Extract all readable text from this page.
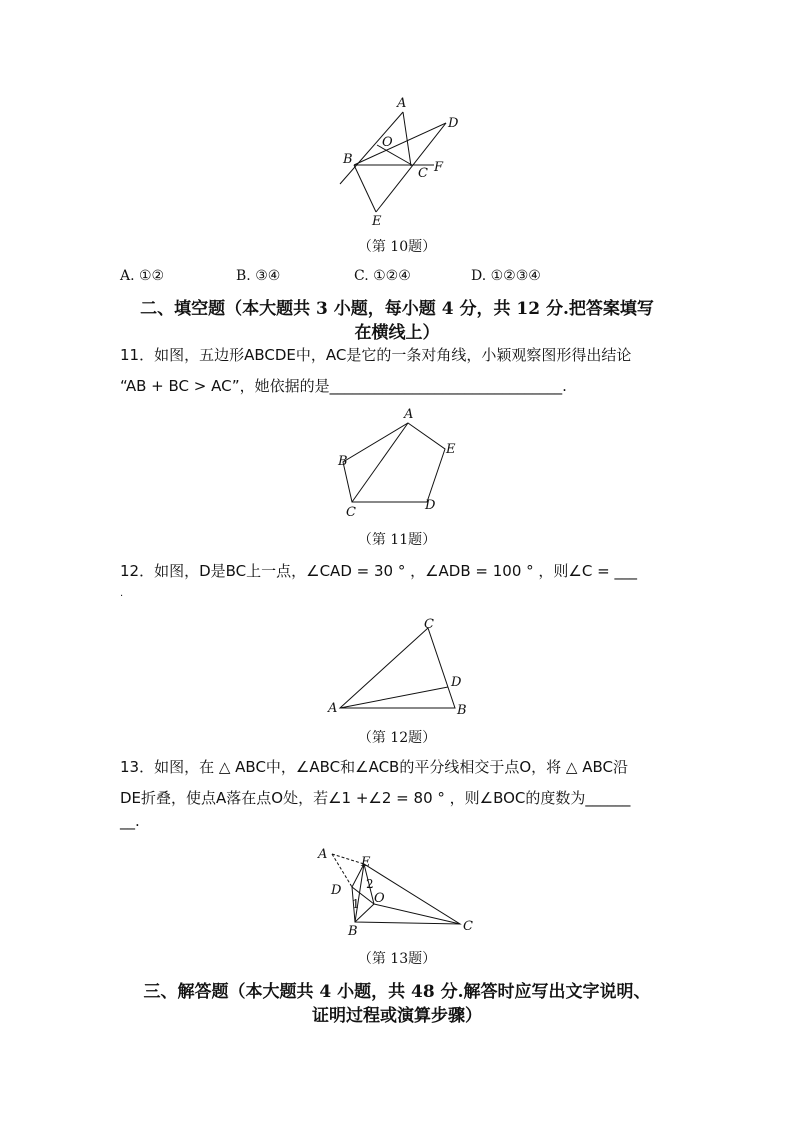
A
D
O
B
C F
E
（第 10题）
A. ①②	B. ③④	C. ①②④	D. ①②③④
二、填空题（本大题共 3 小题，每小题 4 分，共 12 分.把答案填写
在横线上）
11．如图，五边形ABCDE中，AC是它的一条对角线，小颖观察图形得出结论
“AB + BC > AC”，她依据的是_______________________________.
A
B
C	D
E
（第 11题）
12．如图，D是BC上一点，∠CAD = 30 ° ，∠ADB = 100 ° ，则∠C = ___
.
C
D
A	B
（第 12题）
13．如图，在 △ ABC中，∠ABC和∠ACB的平分线相交于点O，将 △ ABC沿
DE折叠，使点A落在点O处，若∠1 +∠2 = 80 ° ，则∠BOC的度数为______
__.
A
E
D
O
B	C
1
2
（第 13题）
三、解答题（本大题共 4 小题，共 48 分.解答时应写出文字说明、
证明过程或演算步骤）
